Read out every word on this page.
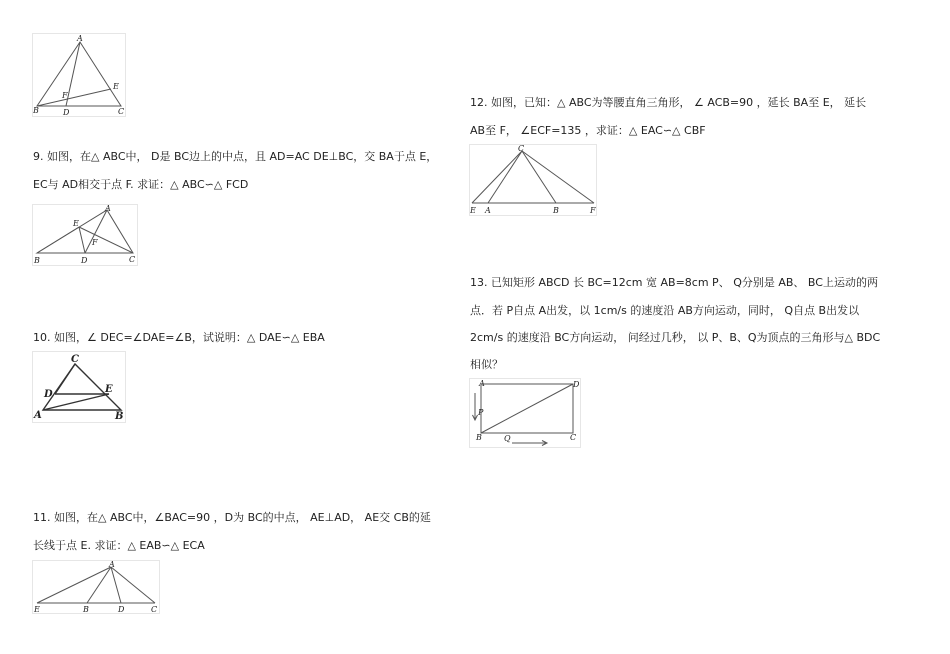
A
B	C
D
E
F
9. 如图，在△ ABC中， D是 BC边上的中点，且 AD=AC DE⊥BC，交 BA于点 E，
EC与 AD相交于点 F. 求证：△ ABC∽△ FCD
A
B	C
D
E
F
10. 如图，∠ DEC=∠DAE=∠B，试说明：△ DAE∽△ EBA
C
D	E
A	B
11. 如图，在△ ABC中，∠BAC=90 ，D为 BC的中点， AE⊥AD， AE交 CB的延
长线于点 E. 求证：△ EAB∽△ ECA
A
E	B	D	C
12. 如图，已知：△ ABC为等腰直角三角形， ∠ ACB=90 ，延长 BA至 E， 延长
AB至 F， ∠ECF=135 ，求证：△ EAC∽△ CBF
C
E A	B	F
13. 已知矩形 ABCD 长 BC=12cm 宽 AB=8cm P、 Q分别是 AB、 BC上运动的两
点．若 P自点 A出发，以 1cm/s 的速度沿 AB方向运动，同时， Q自点 B出发以
2cm/s 的速度沿 BC方向运动， 问经过几秒， 以 P、B、Q为顶点的三角形与△ BDC
相似？
A	D
B	C
P
Q
